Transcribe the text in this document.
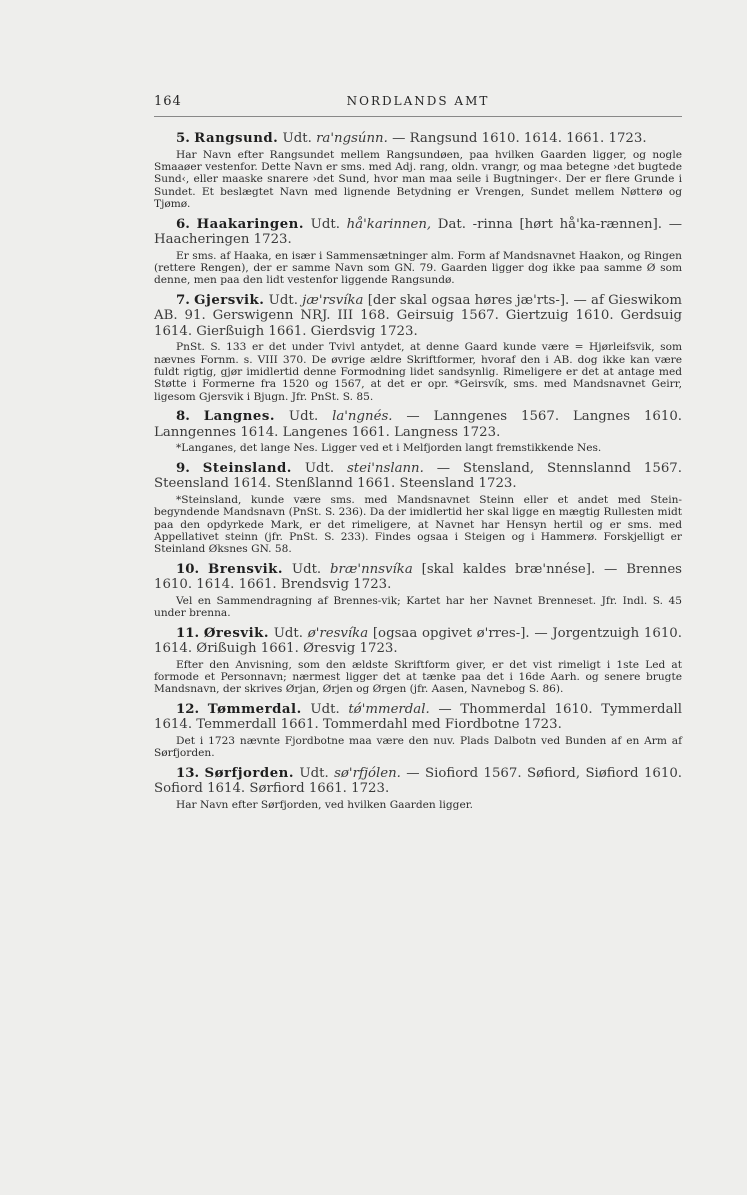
164	NORDLANDS AMT

5. Rangsund. Udt. ra'ngsúnn. — Rangsund 1610. 1614. 1661. 1723.

Har Navn efter Rangsundet mellem Rangsundøen, paa hvilken Gaarden ligger, og nogle Smaaøer vestenfor. Dette Navn er sms. med Adj. rang, oldn. vrangr, og maa betegne ›det bugtede Sund‹, eller maaske snarere ›det Sund, hvor man maa seile i Bugtninger‹. Der er flere Grunde i Sundet. Et beslægtet Navn med lignende Betydning er Vrengen, Sundet mellem Nøtterø og Tjømø.

6. Haakaringen. Udt. hå'karinnen, Dat. -rinna [hørt hå'ka-rænnen]. — Haacheringen 1723.

Er sms. af Haaka, en især i Sammensætninger alm. Form af Mandsnavnet Haakon, og Ringen (rettere Rengen), der er samme Navn som GN. 79. Gaarden ligger dog ikke paa samme Ø som denne, men paa den lidt vestenfor liggende Rangsundø.

7. Gjersvik. Udt. jæ'rsvíka [der skal ogsaa høres jæ'rts-]. — af Gieswikom AB. 91. Gerswigenn NRJ. III 168. Geirsuig 1567. Giertzuig 1610. Gerdsuig 1614. Gierßuigh 1661. Gierdsvig 1723.

PnSt. S. 133 er det under Tvivl antydet, at denne Gaard kunde være = Hjørleifsvik, som nævnes Fornm. s. VIII 370. De øvrige ældre Skriftformer, hvoraf den i AB. dog ikke kan være fuldt rigtig, gjør imidlertid denne Formodning lidet sandsynlig. Rimeligere er det at antage med Støtte i Formerne fra 1520 og 1567, at det er opr. *Geirsvík, sms. med Mandsnavnet Geirr, ligesom Gjersvik i Bjugn. Jfr. PnSt. S. 85.

8. Langnes. Udt. la'ngnés. — Lanngenes 1567. Langnes 1610. Lanngennes 1614. Langenes 1661. Langness 1723.

*Langanes, det lange Nes. Ligger ved et i Melfjorden langt fremstikkende Nes.

9. Steinsland. Udt. stei'nslann. — Stensland, Stennslannd 1567. Steensland 1614. Stenßlannd 1661. Steensland 1723.

*Steinsland, kunde være sms. med Mandsnavnet Steinn eller et andet med Stein- begyndende Mandsnavn (PnSt. S. 236). Da der imidlertid her skal ligge en mægtig Rullesten midt paa den opdyrkede Mark, er det rimeligere, at Navnet har Hensyn hertil og er sms. med Appellativet steinn (jfr. PnSt. S. 233). Findes ogsaa i Steigen og i Hammerø. Forskjelligt er Steinland Øksnes GN. 58.

10. Brensvik. Udt. bræ'nnsvíka [skal kaldes bræ'nnése]. — Brennes 1610. 1614. 1661. Brendsvig 1723.

Vel en Sammendragning af Brennes-vik; Kartet har her Navnet Brenneset. Jfr. Indl. S. 45 under brenna.

11. Øresvik. Udt. ø'resvíka [ogsaa opgivet ø'rres-]. — Jorgentzuigh 1610. 1614. Ørißuigh 1661. Øresvig 1723.

Efter den Anvisning, som den ældste Skriftform giver, er det vist rimeligt i 1ste Led at formode et Personnavn; nærmest ligger det at tænke paa det i 16de Aarh. og senere brugte Mandsnavn, der skrives Ørjan, Ørjen og Ørgen (jfr. Aasen, Navnebog S. 86).

12. Tømmerdal. Udt. tǿ'mmerdal. — Thommerdal 1610. Tymmerdall 1614. Temmerdall 1661. Tommerdahl med Fiordbotne 1723.

Det i 1723 nævnte Fjordbotne maa være den nuv. Plads Dalbotn ved Bunden af en Arm af Sørfjorden.

13. Sørfjorden. Udt. sø'rfjólen. — Siofiord 1567. Søfiord, Siøfiord 1610. Sofiord 1614. Sørfiord 1661. 1723.

Har Navn efter Sørfjorden, ved hvilken Gaarden ligger.
